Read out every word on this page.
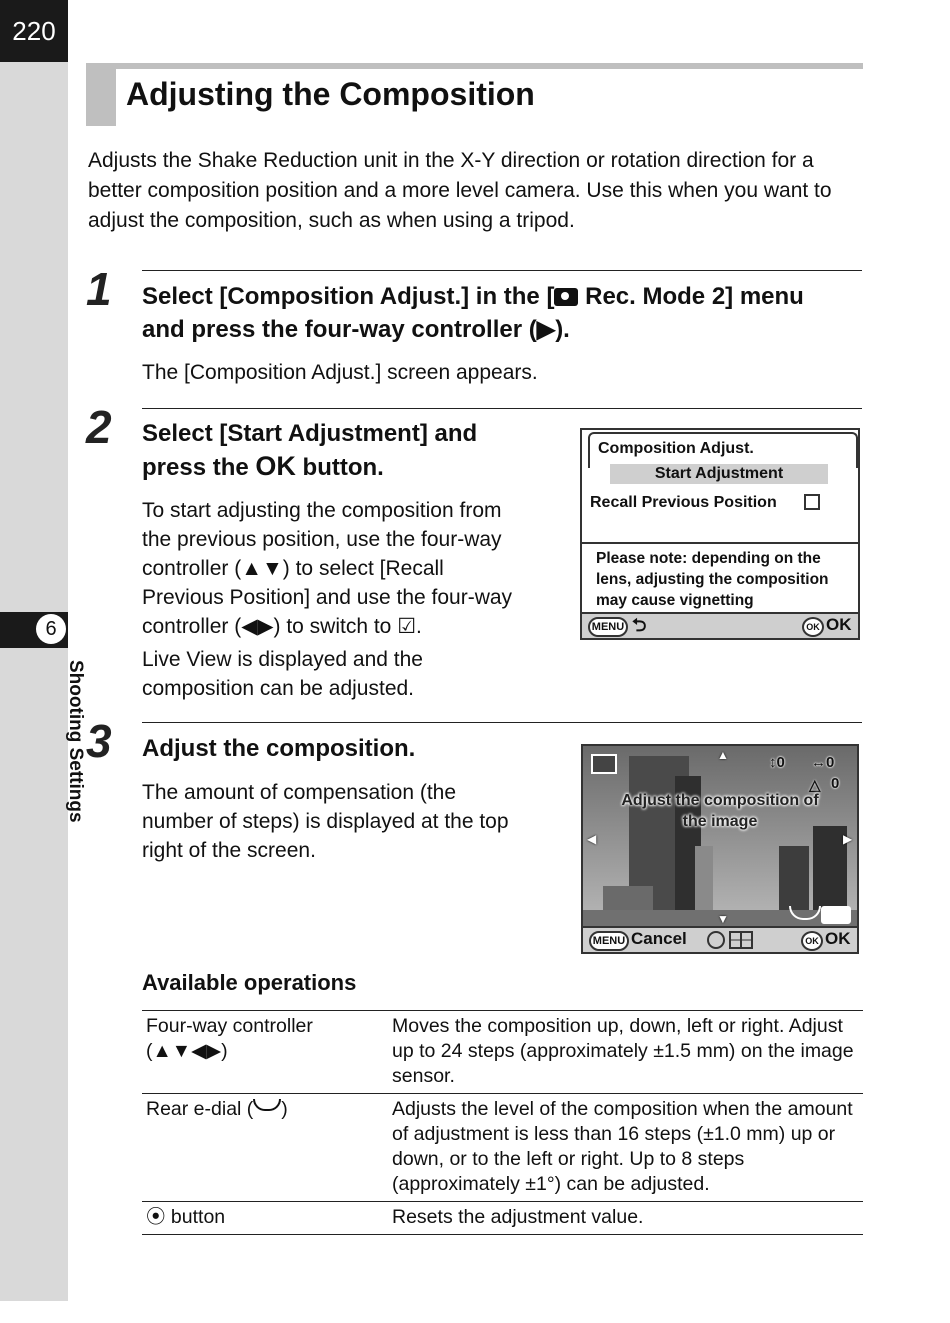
220
6
Shooting Settings
Adjusting the Composition
Adjusts the Shake Reduction unit in the X-Y direction or rotation direction for a better composition position and a more level camera. Use this when you want to adjust the composition, such as when using a tripod.
1 Select [Composition Adjust.] in the [
Rec. Mode 2] menu
and press the four-way controller (▶).
The [Composition Adjust.] screen appears.
2 Select [Start Adjustment] and
press the OK button.
To start adjusting the composition from
the previous position, use the four-way
controller (▲▼) to select [Recall
Previous Position] and use the four-way
controller (◀▶) to switch to ☑.
Live View is displayed and the
composition can be adjusted.
Composition Adjust.
Start Adjustment
Recall Previous Position
Please note: depending on the
lens, adjusting the composition
may cause vignetting
MENU ⮌	OK OK
3 Adjust the composition.
The amount of compensation (the
number of steps) is displayed at the top
right of the screen.
▲
▼
◀	▶
↕0 ↔0
△ 0
Adjust the composition of
the image
MENU Cancel	OK OK
Available operations
Four-way controller
(▲▼◀▶)	Moves the composition up, down, left or right. Adjust up to 24 steps (approximately ±1.5 mm) on the image sensor.
Rear e-dial ( )	Adjusts the level of the composition when the amount of adjustment is less than 16 steps (±1.0 mm) up or down, or to the left or right. Up to 8 steps (approximately ±1°) can be adjusted.
⦿ button	Resets the adjustment value.
